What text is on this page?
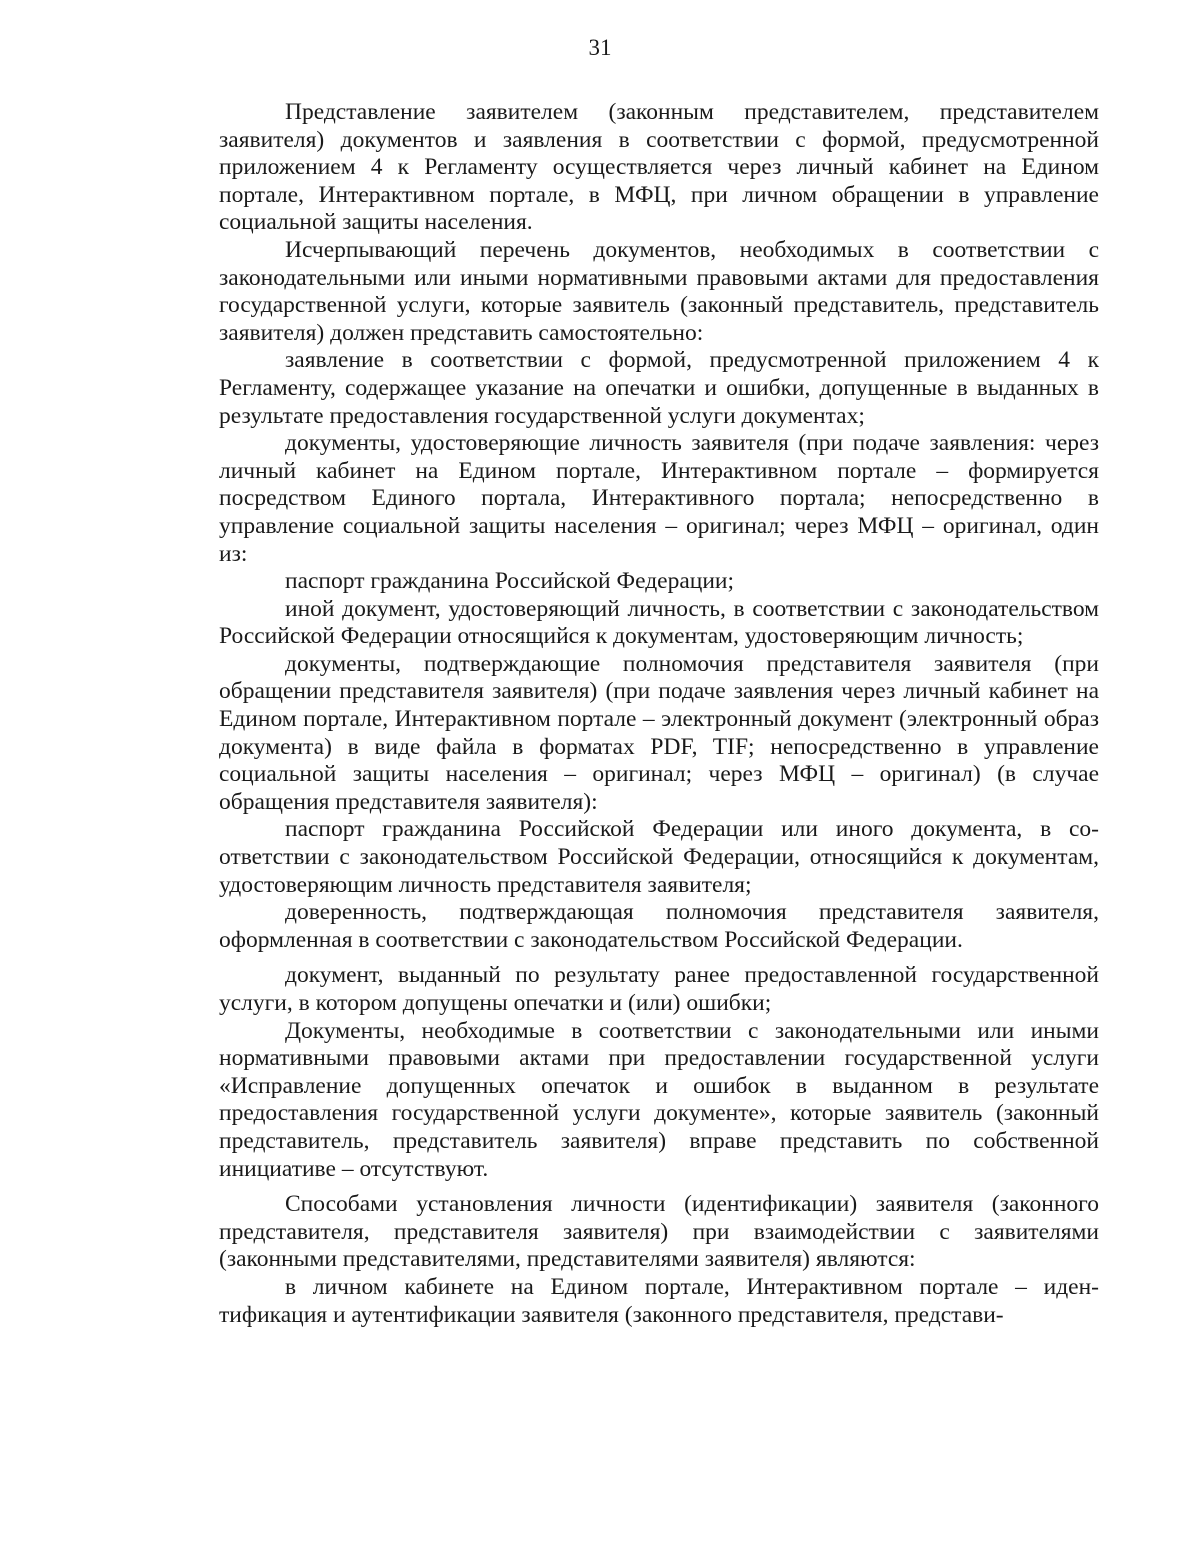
31

Представление заявителем (законным представителем, представителем заявителя) документов и заявления в соответствии с формой, предусмотренной приложением 4 к Регламенту осуществляется через личный кабинет на Едином портале, Интерактивном портале, в МФЦ, при личном обращении в управление социальной защиты населения.

Исчерпывающий перечень документов, необходимых в соответствии с законодательными или иными нормативными правовыми актами для предоставления государственной услуги, которые заявитель (законный представитель, представитель заявителя) должен представить самостоятельно:

заявление в соответствии с формой, предусмотренной приложением 4 к Регламенту, содержащее указание на опечатки и ошибки, допущенные в выданных в результате предоставления государственной услуги документах;

документы, удостоверяющие личность заявителя (при подаче заявления: через личный кабинет на Едином портале, Интерактивном портале – формируется посредством Единого портала, Интерактивного портала; непосредственно в управление социальной защиты населения – оригинал; через МФЦ – оригинал, один из:

паспорт гражданина Российской Федерации;

иной документ, удостоверяющий личность, в соответствии с законодательством Российской Федерации относящийся к документам, удостоверяющим личность;

документы, подтверждающие полномочия представителя заявителя (при обращении представителя заявителя) (при подаче заявления через личный кабинет на Едином портале, Интерактивном портале – электронный документ (электронный образ документа) в виде файла в форматах PDF, TIF; непосредственно в управление социальной защиты населения – оригинал; через МФЦ – оригинал) (в случае обращения представителя заявителя):

паспорт гражданина Российской Федерации или иного документа, в соответствии с законодательством Российской Федерации, относящийся к документам, удостоверяющим личность представителя заявителя;

доверенность, подтверждающая полномочия представителя заявителя, оформленная в соответствии с законодательством Российской Федерации.

документ, выданный по результату ранее предоставленной государственной услуги, в котором допущены опечатки и (или) ошибки;

Документы, необходимые в соответствии с законодательными или иными нормативными правовыми актами при предоставлении государственной услуги «Исправление допущенных опечаток и ошибок в выданном в результате предоставления государственной услуги документе», которые заявитель (законный представитель, представитель заявителя) вправе представить по собственной инициативе – отсутствуют.

Способами установления личности (идентификации) заявителя (законного представителя, представителя заявителя) при взаимодействии с заявителями (законными представителями, представителями заявителя) являются:

в личном кабинете на Едином портале, Интерактивном портале – идентификация и аутентификации заявителя (законного представителя, представи-
